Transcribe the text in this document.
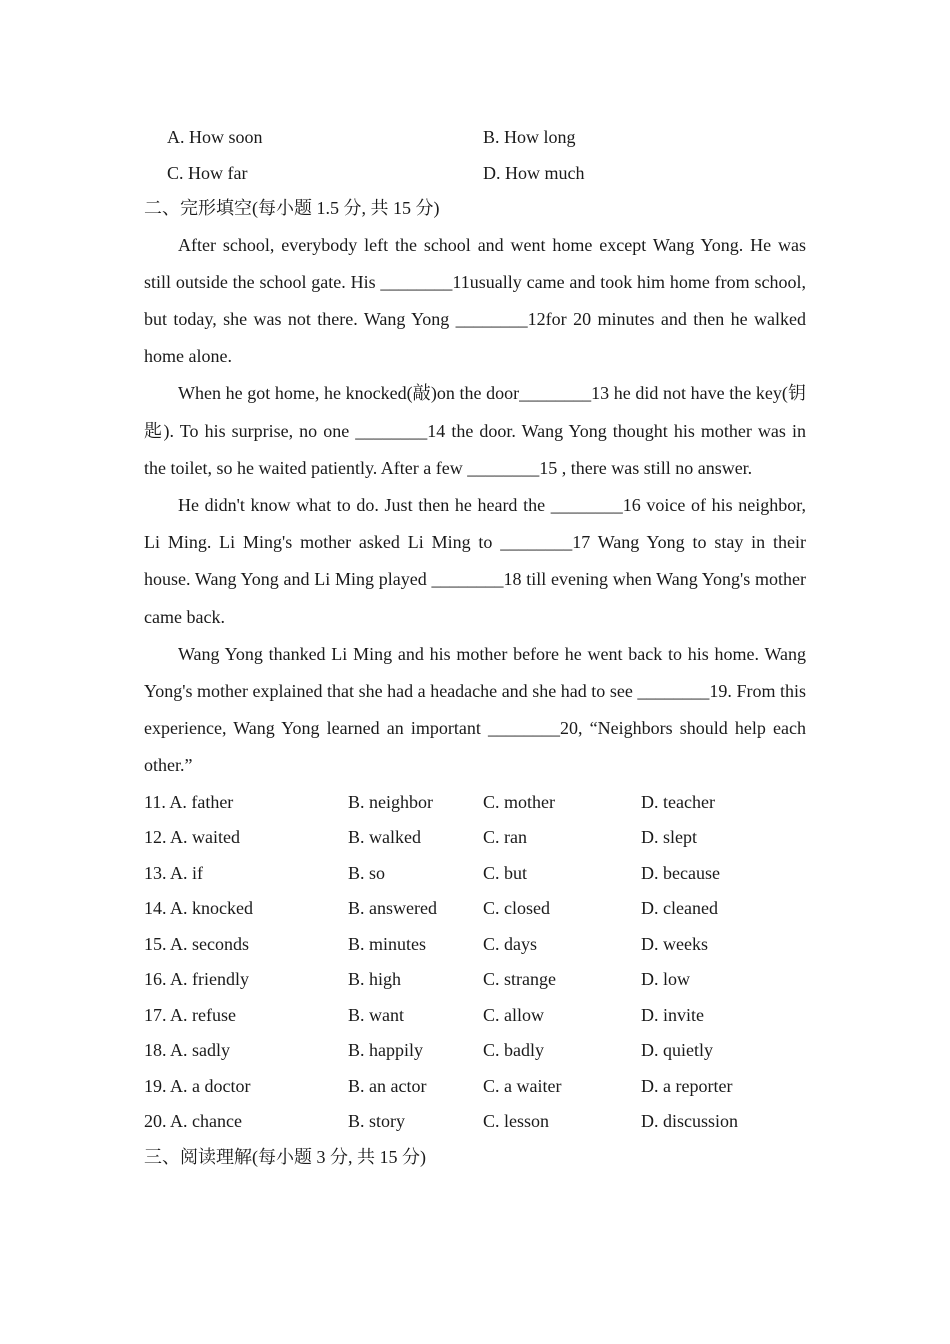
A. How soon	B. How long
C. How far	D. How much
二、完形填空(每小题 1.5 分, 共 15 分)

After school, everybody left the school and went home except Wang Yong. He was still outside the school gate. His ________11usually came and took him home from school, but today, she was not there. Wang Yong ________12for 20 minutes and then he walked home alone.

When he got home, he knocked(敲)on the door________13 he did not have the key(钥匙). To his surprise, no one ________14 the door. Wang Yong thought his mother was in the toilet, so he waited patiently. After a few ________15 , there was still no answer.

He didn't know what to do. Just then he heard the ________16 voice of his neighbor, Li Ming. Li Ming's mother asked Li Ming to ________17 Wang Yong to stay in their house. Wang Yong and Li Ming played ________18 till evening when Wang Yong's mother came back.

Wang Yong thanked Li Ming and his mother before he went back to his home. Wang Yong's mother explained that she had a headache and she had to see ________19. From this experience, Wang Yong learned an important ________20, “Neighbors should help each other.”

11. A. father	B. neighbor	C. mother	D. teacher
12. A. waited	B. walked	C. ran	D. slept
13. A. if	B. so	C. but	D. because
14. A. knocked	B. answered	C. closed	D. cleaned
15. A. seconds	B. minutes	C. days	D. weeks
16. A. friendly	B. high	C. strange	D. low
17. A. refuse	B. want	C. allow	D. invite
18. A. sadly	B. happily	C. badly	D. quietly
19. A. a doctor	B. an actor	C. a waiter	D. a reporter
20. A. chance	B. story	C. lesson	D. discussion
三、阅读理解(每小题 3 分, 共 15 分)
